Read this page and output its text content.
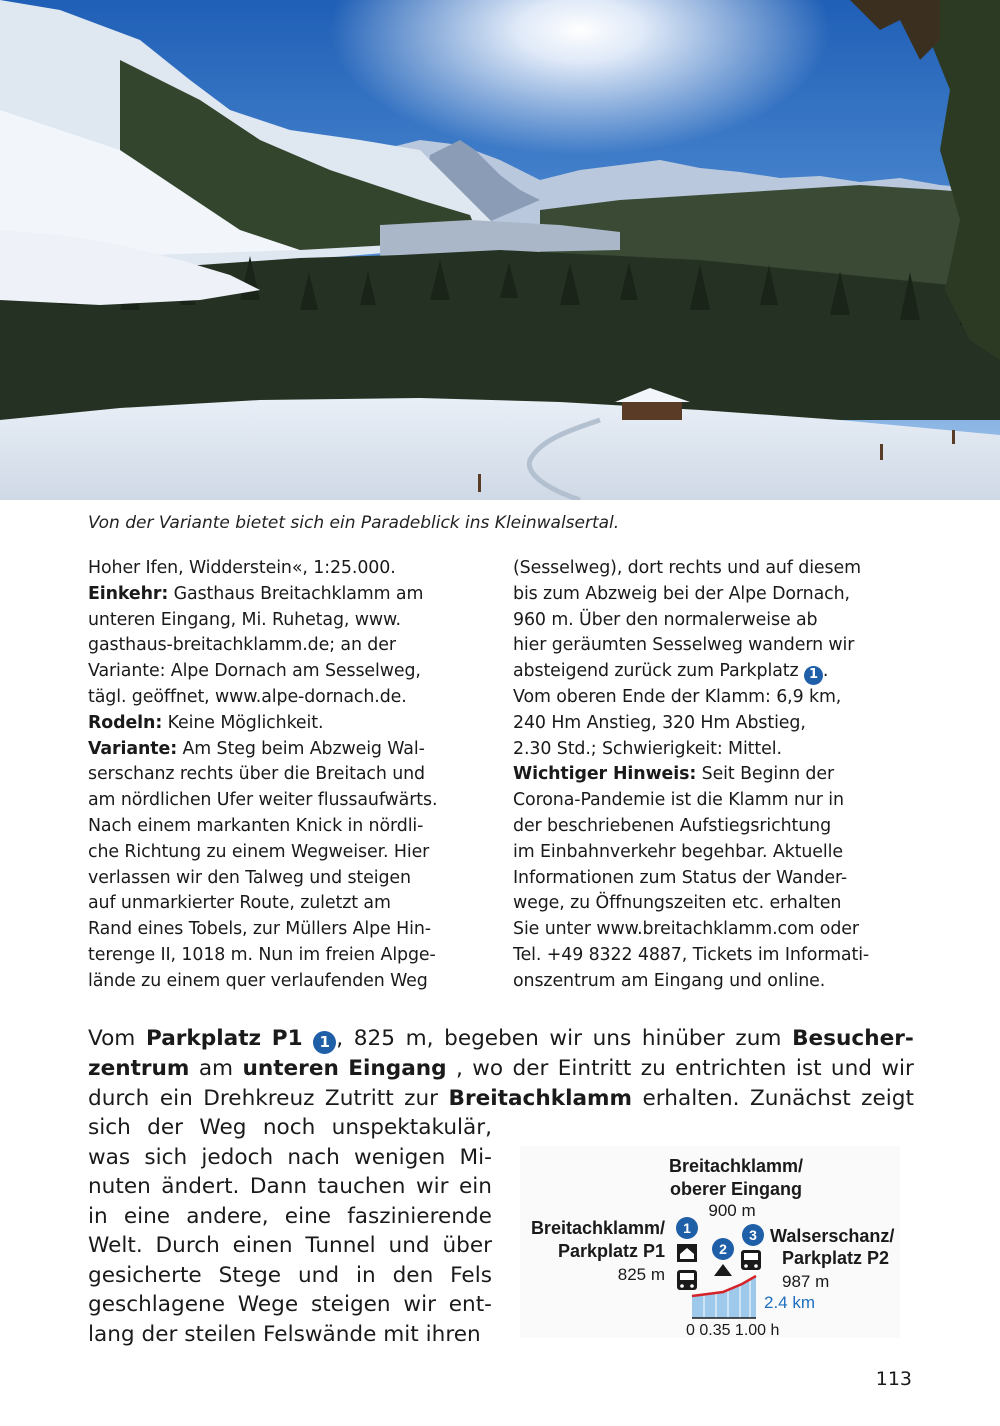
Von der Variante bietet sich ein Paradeblick ins Kleinwalsertal.
Hoher Ifen, Widderstein«, 1:25.000.
Einkehr: Gasthaus Breitachklamm am
unteren Eingang, Mi. Ruhetag, www.
gasthaus-breitachklamm.de; an der
Variante: Alpe Dornach am Sesselweg,
tägl. geöffnet, www.alpe-dornach.de.
Rodeln: Keine Möglichkeit.
Variante: Am Steg beim Abzweig Wal-
serschanz rechts über die Breitach und
am nördlichen Ufer weiter flussaufwärts.
Nach einem markanten Knick in nördli-
che Richtung zu einem Wegweiser. Hier
verlassen wir den Talweg und steigen
auf unmarkierter Route, zuletzt am
Rand eines Tobels, zur Müllers Alpe Hin-
terenge II, 1018 m. Nun im freien Alpge-
lände zu einem quer verlaufenden Weg
(Sesselweg), dort rechts und auf diesem
bis zum Abzweig bei der Alpe Dornach,
960 m. Über den normalerweise ab
hier geräumten Sesselweg wandern wir
absteigend zurück zum Parkplatz 1 .
Vom oberen Ende der Klamm: 6,9 km,
240 Hm Anstieg, 320 Hm Abstieg,
2.30 Std.; Schwierigkeit: Mittel.
Wichtiger Hinweis: Seit Beginn der
Corona-Pandemie ist die Klamm nur in
der beschriebenen Aufstiegsrichtung
im Einbahnverkehr begehbar. Aktuelle
Informationen zum Status der Wander-
wege, zu Öffnungszeiten etc. erhalten
Sie unter www.breitachklamm.com oder
Tel. +49 8322 4887, Tickets im Informati-
onszentrum am Eingang und online.
Vom Parkplatz P1	1 , 825 m, begeben wir uns hinüber zum Besucher-
zentrum am unteren Eingang , wo der Eintritt zu entrichten ist und wir
durch ein Drehkreuz Zutritt zur Breitachklamm erhalten. Zunächst zeigt
sich der Weg noch unspektakulär,
was sich jedoch nach wenigen Mi-
nuten ändert. Dann tauchen wir ein
in eine andere, eine faszinierende
Welt. Durch einen Tunnel und über
gesicherte Stege und in den Fels
geschlagene Wege steigen wir ent-
lang der steilen Felswände mit ihren
Breitachklamm/
oberer Eingang
900 m
Breitachklamm/
Parkplatz P1
825 m
Walserschanz/
Parkplatz P2
987 m
2.4 km
1
2
3
0 0.35 1.00 h
113
